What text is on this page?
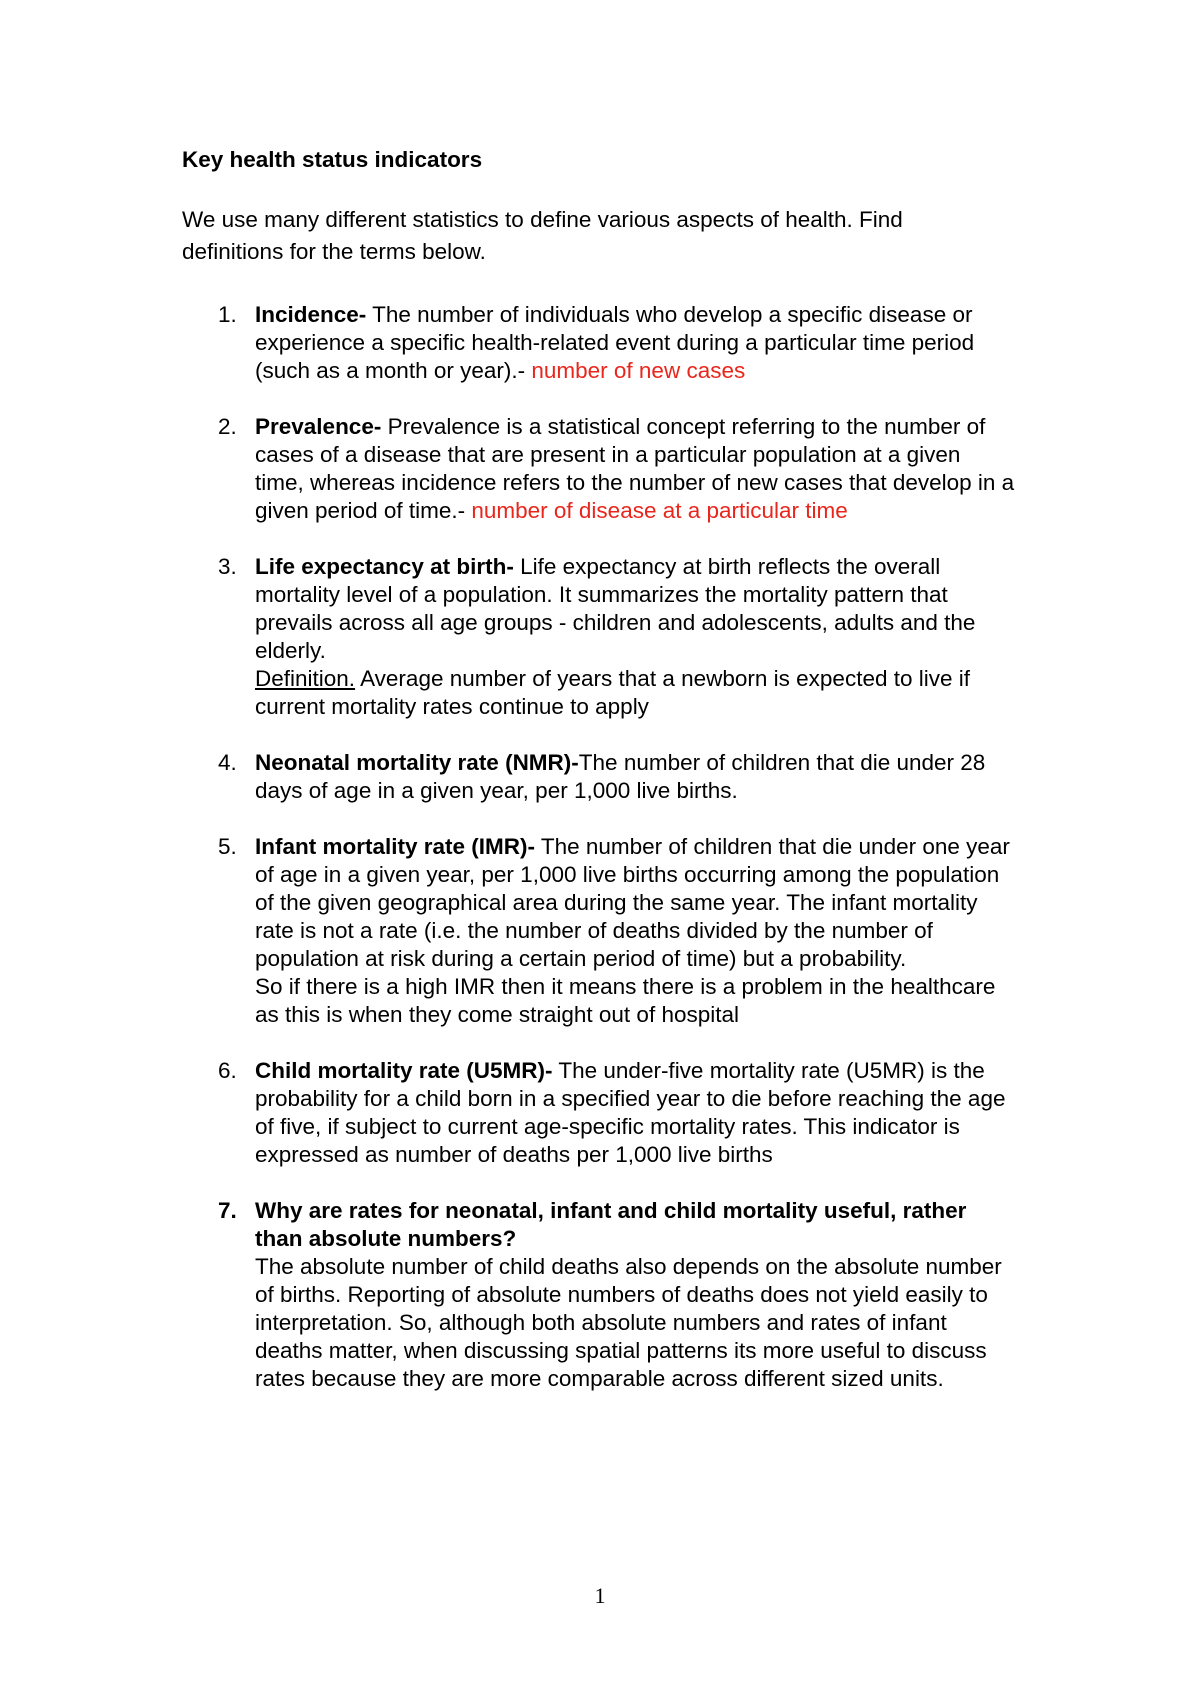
Key health status indicators
We use many different statistics to define various aspects of health. Find definitions for the terms below.
1. Incidence- The number of individuals who develop a specific disease or experience a specific health-related event during a particular time period (such as a month or year).- number of new cases
2. Prevalence- Prevalence is a statistical concept referring to the number of cases of a disease that are present in a particular population at a given time, whereas incidence refers to the number of new cases that develop in a given period of time.- number of disease at a particular time
3. Life expectancy at birth- Life expectancy at birth reflects the overall mortality level of a population. It summarizes the mortality pattern that prevails across all age groups - children and adolescents, adults and the elderly.
Definition. Average number of years that a newborn is expected to live if current mortality rates continue to apply
4. Neonatal mortality rate (NMR)-The number of children that die under 28 days of age in a given year, per 1,000 live births.
5. Infant mortality rate (IMR)- The number of children that die under one year of age in a given year, per 1,000 live births occurring among the population of the given geographical area during the same year. The infant mortality rate is not a rate (i.e. the number of deaths divided by the number of population at risk during a certain period of time) but a probability.
So if there is a high IMR then it means there is a problem in the healthcare as this is when they come straight out of hospital
6. Child mortality rate (U5MR)- The under-five mortality rate (U5MR) is the probability for a child born in a specified year to die before reaching the age of five, if subject to current age-specific mortality rates. This indicator is expressed as number of deaths per 1,000 live births
7. Why are rates for neonatal, infant and child mortality useful, rather than absolute numbers?
The absolute number of child deaths also depends on the absolute number of births. Reporting of absolute numbers of deaths does not yield easily to interpretation. So, although both absolute numbers and rates of infant deaths matter, when discussing spatial patterns its more useful to discuss rates because they are more comparable across different sized units.
1
